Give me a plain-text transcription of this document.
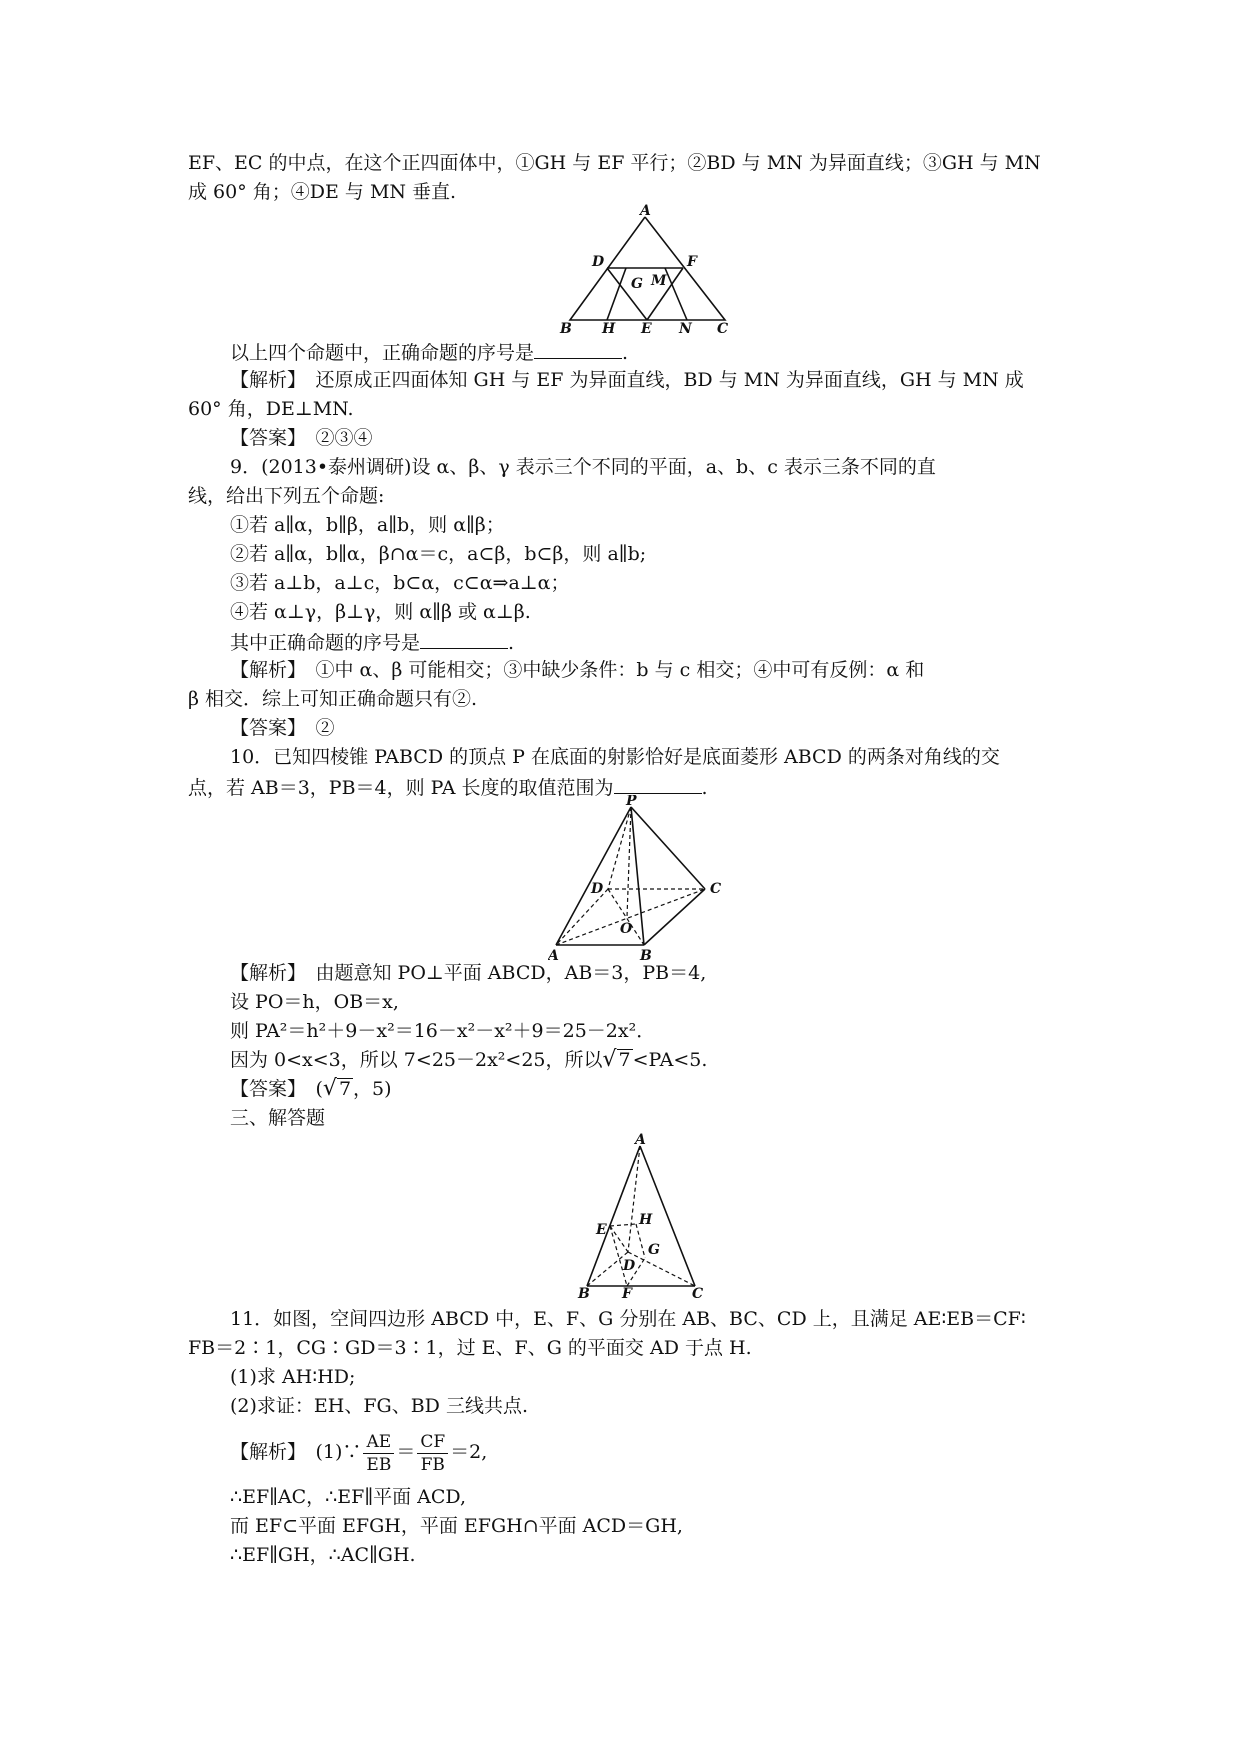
EF、EC 的中点，在这个正四面体中，①GH 与 EF 平行；②BD 与 MN 为异面直线；③GH 与 MN
成 60° 角；④DE 与 MN 垂直.
A
D	F
G M
B H E N C
以上四个命题中，正确命题的序号是	.
【解析】　还原成正四面体知 GH 与 EF 为异面直线，BD 与 MN 为异面直线，GH 与 MN 成
60° 角，DE⊥MN.
【答案】　②③④
9．(2013•泰州调研)设 α、β、γ 表示三个不同的平面，a、b、c 表示三条不同的直
线，给出下列五个命题:
①若 a∥α，b∥β，a∥b，则 α∥β；
②若 a∥α，b∥α，β∩α＝c，a⊂β，b⊂β，则 a∥b;
③若 a⊥b，a⊥c，b⊂α，c⊂α⇒a⊥α；
④若 α⊥γ，β⊥γ，则 α∥β 或 α⊥β.
其中正确命题的序号是	.
【解析】　①中 α、β 可能相交；③中缺少条件：b 与 c 相交；④中可有反例：α 和
β 相交．综上可知正确命题只有②.
【答案】　②
10．已知四棱锥 PABCD 的顶点 P 在底面的射影恰好是底面菱形 ABCD 的两条对角线的交
点，若 AB＝3，PB＝4，则 PA 长度的取值范围为	.
P
D	C
O
A	B
【解析】　由题意知 PO⊥平面 ABCD，AB＝3，PB＝4,
设 PO＝h，OB＝x,
则 PA²＝h²＋9－x²＝16－x²－x²＋9＝25－2x²．
因为 0<x<3，所以 7<25－2x²<25，所以√ 7 <PA<5.
【答案】　(√ 7 ，5)
三、解答题
A
E
H
G
D
B F	C
11．如图，空间四边形 ABCD 中，E、F、G 分别在 AB、BC、CD 上，且满足 AE∶EB＝CF∶
FB＝2∶1，CG∶GD＝3∶1，过 E、F、G 的平面交 AD 于点 H.
(1)求 AH∶HD;
(2)求证：EH、FG、BD 三线共点.
【解析】　(1)∵ $\frac{AE}{EB} = \frac{CF}{FB} =2$,
∴EF∥AC，∴EF∥平面 ACD,
而 EF⊂平面 EFGH，平面 EFGH∩平面 ACD＝GH,
∴EF∥GH，∴AC∥GH.
